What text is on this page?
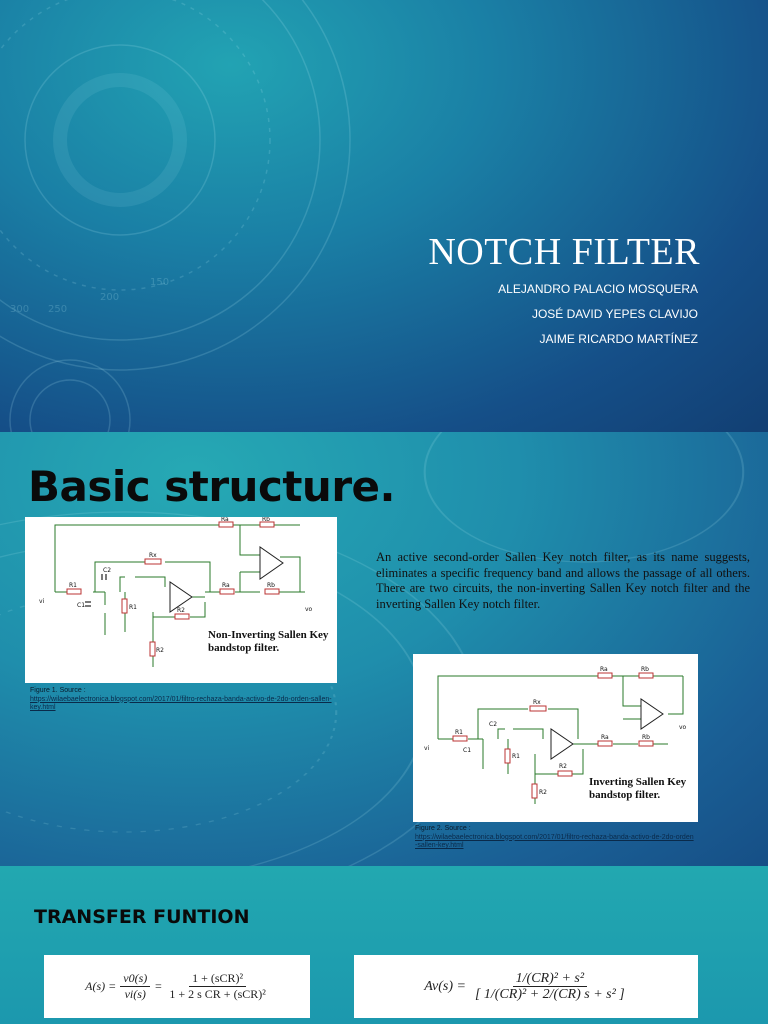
300 250
200
150
NOTCH FILTER
ALEJANDRO PALACIO MOSQUERA
JOSÉ DAVID YEPES CLAVIJO
JAIME RICARDO MARTÍNEZ
Basic structure.
Ra	Rb
Rx
R1
C2
C1	R1
Ra	Rb
R2
R2
vi
vo
Non-Inverting Sallen Key
bandstop filter.
Figure 1. Source :
https://wilaebaelectronica.blogspot.com/2017/01/filtro-rechaza-banda-activo-de-2do-orden-sallen-key.html
An active second-order Sallen Key notch filter, as its name suggests, eliminates a specific frequency band and allows the passage of all others. There are two circuits, the non-inverting Sallen Key notch filter and the inverting Sallen Key notch filter.
Ra	Rb
Rx
R1
C2
C1
R1
Ra	Rb
R2
R2
vi
vo
Inverting Sallen Key
bandstop filter.
Figure 2. Source :
https://wilaebaelectronica.blogspot.com/2017/01/filtro-rechaza-banda-activo-de-2do-orden-sallen-key.html
TRANSFER FUNTION
$A(s) = \frac{v0(s)}{vi(s)} = \frac{\text{1 + (sCR)²}}{\text{1 + 2 s CR + (sCR)²}}$	$Av(s) = \frac{\text{1/(CR)² + s²}}{\text{[ 1/(CR)² + 2/(CR) s + s² ]}}$
